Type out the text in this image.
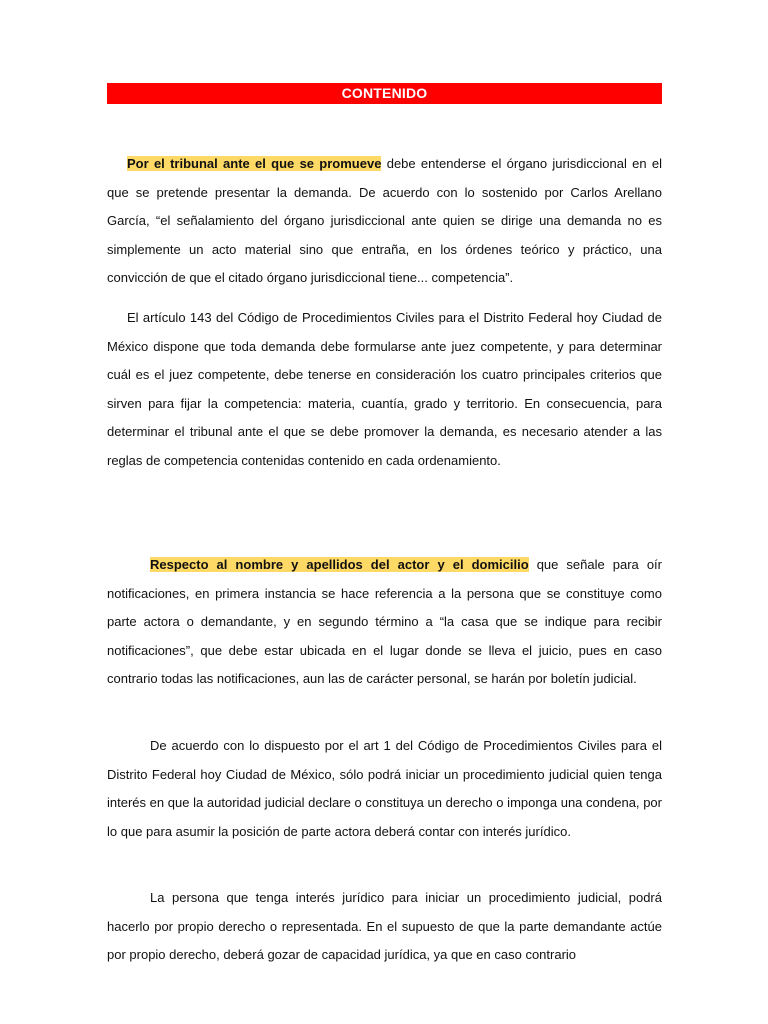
CONTENIDO

Por el tribunal ante el que se promueve debe entenderse el órgano jurisdiccional en el que se pretende presentar la demanda. De acuerdo con lo sostenido por Carlos Arellano García, “el señalamiento del órgano jurisdiccional ante quien se dirige una demanda no es simplemente un acto material sino que entraña, en los órdenes teórico y práctico, una convicción de que el citado órgano jurisdiccional tiene... competencia”.

El artículo 143 del Código de Procedimientos Civiles para el Distrito Federal hoy Ciudad de México dispone que toda demanda debe formularse ante juez competente, y para determinar cuál es el juez competente, debe tenerse en consideración los cuatro principales criterios que sirven para fijar la competencia: materia, cuantía, grado y territorio. En consecuencia, para determinar el tribunal ante el que se debe promover la demanda, es necesario atender a las reglas de competencia contenidas contenido en cada ordenamiento.

Respecto al nombre y apellidos del actor y el domicilio que señale para oír notificaciones, en primera instancia se hace referencia a la persona que se constituye como parte actora o demandante, y en segundo término a “la casa que se indique para recibir notificaciones”, que debe estar ubicada en el lugar donde se lleva el juicio, pues en caso contrario todas las notificaciones, aun las de carácter personal, se harán por boletín judicial.

De acuerdo con lo dispuesto por el art 1 del Código de Procedimientos Civiles para el Distrito Federal hoy Ciudad de México, sólo podrá iniciar un procedimiento judicial quien tenga interés en que la autoridad judicial declare o constituya un derecho o imponga una condena, por lo que para asumir la posición de parte actora deberá contar con interés jurídico.

La persona que tenga interés jurídico para iniciar un procedimiento judicial, podrá hacerlo por propio derecho o representada. En el supuesto de que la parte demandante actúe por propio derecho, deberá gozar de capacidad jurídica, ya que en caso contrario
